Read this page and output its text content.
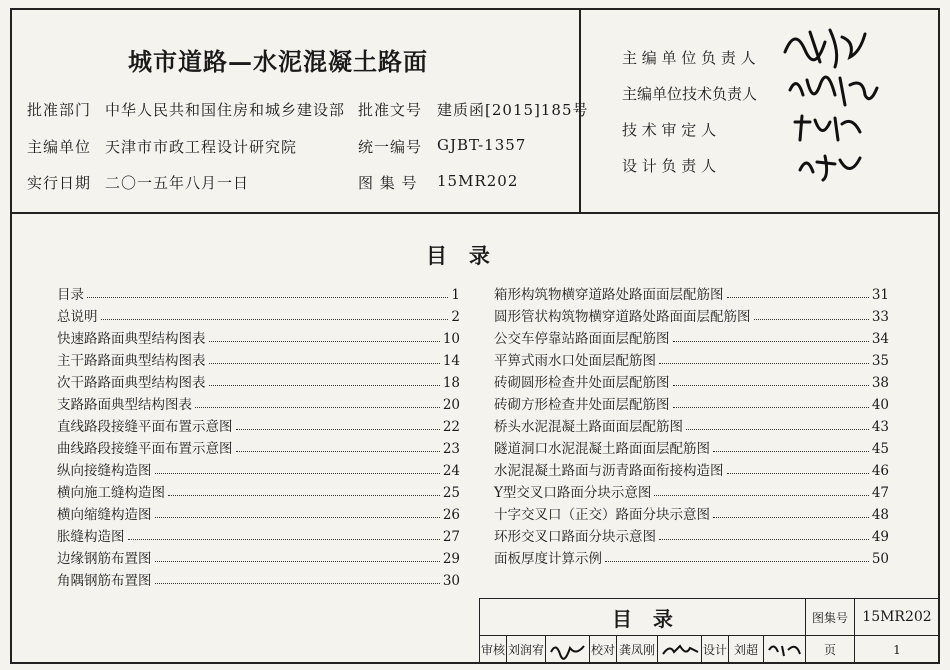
城市道路—水泥混凝土路面
批准部门 中华人民共和国住房和城乡建设部 批准文号 建质函[2015]185号
主编单位 天津市市政工程设计研究院	统一编号 GJBT-1357
实行日期 二〇一五年八月一日	图 集 号 15MR202
主 编 单 位 负 责 人
主编单位技术负责人
技 术 审 定 人
设 计 负 责 人
目   录
目录	1
总说明	2
快速路路面典型结构图表	10
主干路路面典型结构图表	14
次干路路面典型结构图表	18
支路路面典型结构图表	20
直线路段接缝平面布置示意图	22
曲线路段接缝平面布置示意图	23
纵向接缝构造图	24
横向施工缝构造图	25
横向缩缝构造图	26
胀缝构造图	27
边缘钢筋布置图	29
角隅钢筋布置图	30
箱形构筑物横穿道路处路面面层配筋图	31
圆形管状构筑物横穿道路处路面面层配筋图	33
公交车停靠站路面面层配筋图	34
平箅式雨水口处面层配筋图	35
砖砌圆形检查井处面层配筋图	38
砖砌方形检查井处面层配筋图	40
桥头水泥混凝土路面面层配筋图	43
隧道洞口水泥混凝土路面面层配筋图	45
水泥混凝土路面与沥青路面衔接构造图	46
Y型交叉口路面分块示意图	47
十字交叉口（正交）路面分块示意图	48
环形交叉口路面分块示意图	49
面板厚度计算示例	50
目   录	图集号	15MR202
审核 刘润宥	校对 龚凤刚	设计 刘超	页	1
